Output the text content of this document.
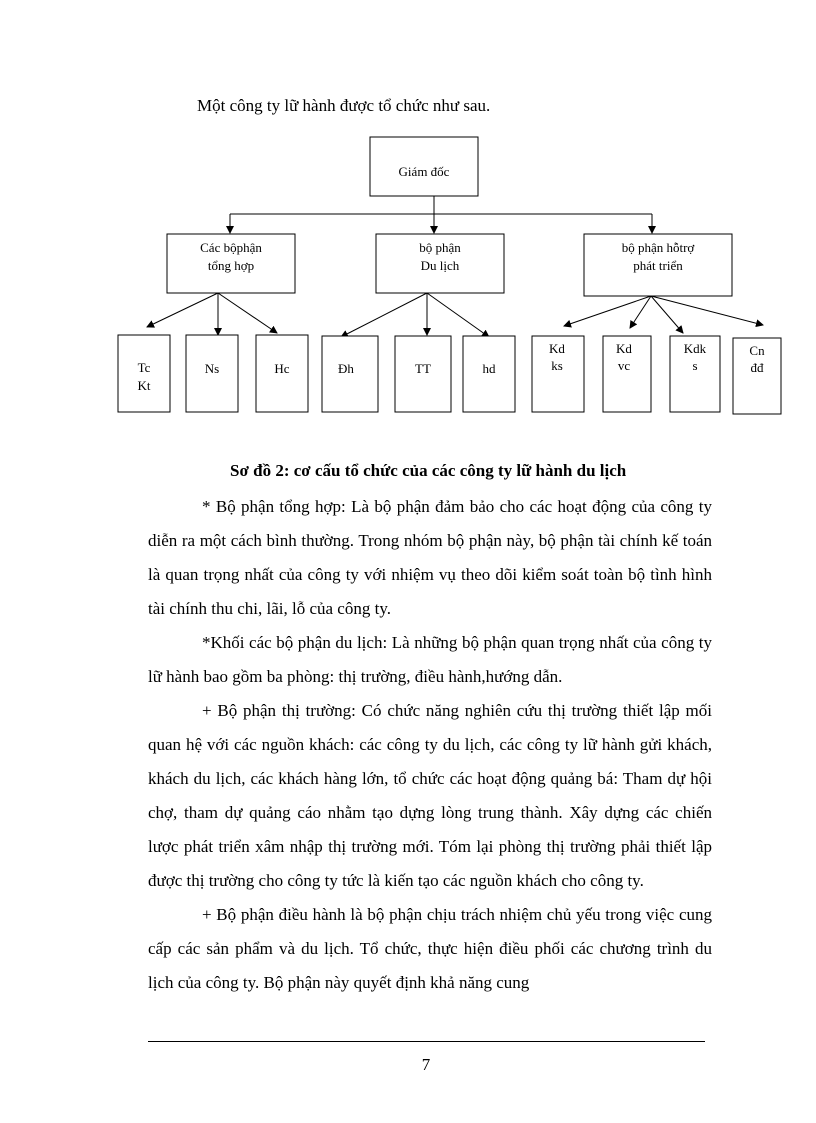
Một công ty lữ hành được tổ chức như sau.

Giám đốc
Các bộphận
tổng hợp
bộ phận
Du lịch
bộ phận hỗtrợ
phát triển
Tc
Kt
Ns	Hc	Đh	TT	hd
Kd
ks
Kd
vc
Kdk
s
Cn
đđ

Sơ đồ 2: cơ cấu tổ chức của các công ty lữ hành du lịch

* Bộ phận tổng hợp: Là bộ phận đảm bảo cho các hoạt động của công ty diễn ra một cách bình thường. Trong nhóm bộ phận này, bộ phận tài chính kế toán là quan trọng nhất của công ty với nhiệm vụ theo dõi kiểm soát toàn bộ tình hình tài chính thu chi, lãi, lỗ của công ty.

*Khối các bộ phận du lịch: Là những bộ phận quan trọng nhất của công ty lữ hành bao gồm ba phòng: thị trường, điều hành,hướng dẫn.

+ Bộ phận thị trường: Có chức năng nghiên cứu thị trường thiết lập mối quan hệ với các nguồn khách: các công ty du lịch, các công ty lữ hành gửi khách, khách du lịch, các khách hàng lớn, tổ chức các hoạt động quảng bá: Tham dự hội chợ, tham dự quảng cáo nhằm tạo dựng lòng trung thành. Xây dựng các chiến lược phát triển xâm nhập thị trường mới. Tóm lại phòng thị trường phải thiết lập được thị trường cho công ty tức là kiến tạo các nguồn khách cho công ty.

+ Bộ phận điều hành là bộ phận chịu trách nhiệm chủ yếu trong việc cung cấp các sản phẩm và du lịch. Tổ chức, thực hiện điều phối các chương trình du lịch của công ty. Bộ phận này quyết định khả năng cung

7
